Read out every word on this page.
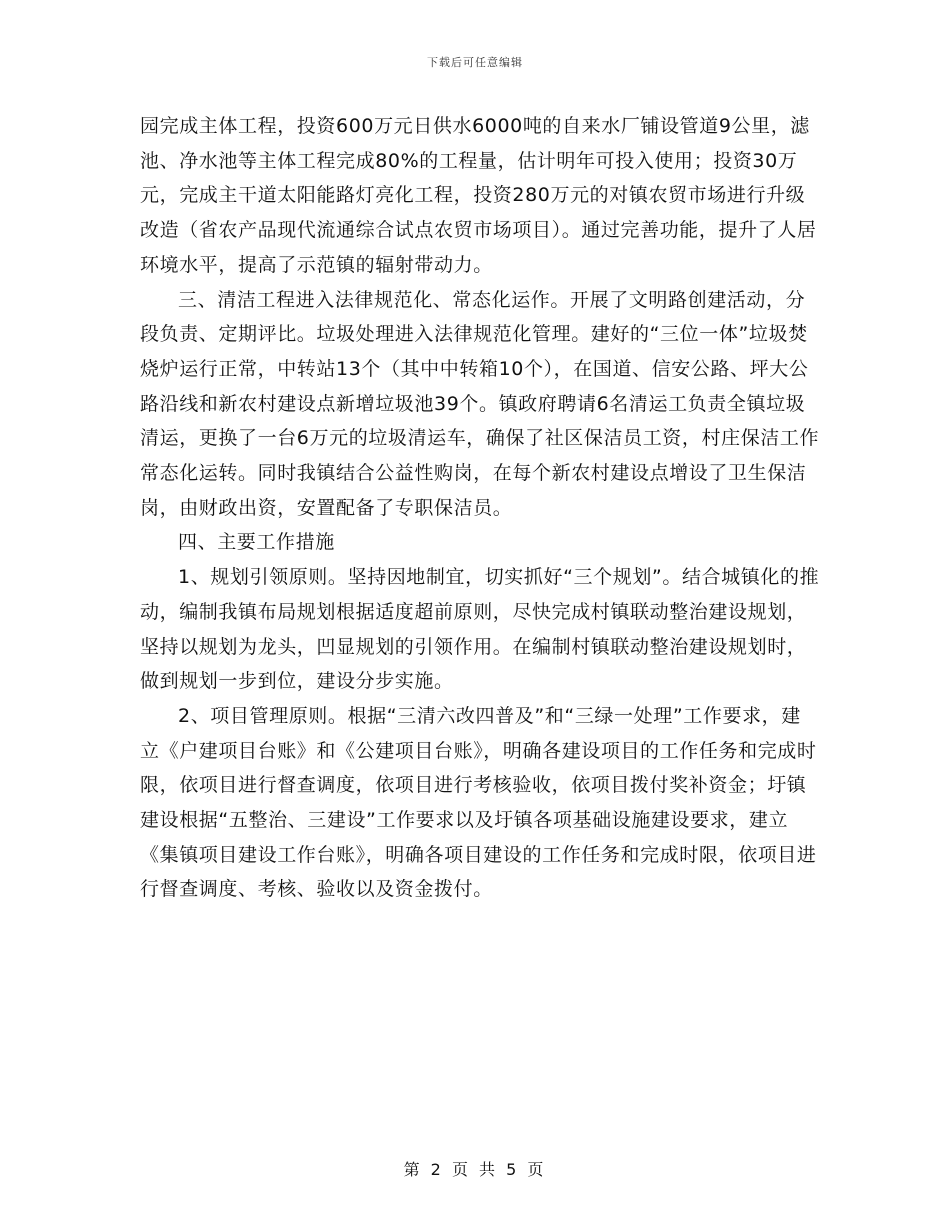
下载后可任意编辑

园完成主体工程，投资600万元日供水6000吨的自来水厂铺设管道9公里，滤池、净水池等主体工程完成80%的工程量，估计明年可投入使用；投资30万元，完成主干道太阳能路灯亮化工程，投资280万元的对镇农贸市场进行升级改造（省农产品现代流通综合试点农贸市场项目）。通过完善功能，提升了人居环境水平，提高了示范镇的辐射带动力。

三、清洁工程进入法律规范化、常态化运作。开展了文明路创建活动，分段负责、定期评比。垃圾处理进入法律规范化管理。建好的“三位一体”垃圾焚烧炉运行正常，中转站13个（其中中转箱10个），在国道、信安公路、坪大公路沿线和新农村建设点新增垃圾池39个。镇政府聘请6名清运工负责全镇垃圾清运，更换了一台6万元的垃圾清运车，确保了社区保洁员工资，村庄保洁工作常态化运转。同时我镇结合公益性购岗，在每个新农村建设点增设了卫生保洁岗，由财政出资，安置配备了专职保洁员。

四、主要工作措施

1、规划引领原则。坚持因地制宜，切实抓好“三个规划”。结合城镇化的推动，编制我镇布局规划根据适度超前原则，尽快完成村镇联动整治建设规划，坚持以规划为龙头，凹显规划的引领作用。在编制村镇联动整治建设规划时，做到规划一步到位，建设分步实施。

2、项目管理原则。根据“三清六改四普及”和“三绿一处理”工作要求，建立《户建项目台账》和《公建项目台账》，明确各建设项目的工作任务和完成时限，依项目进行督查调度，依项目进行考核验收，依项目拨付奖补资金；圩镇建设根据“五整治、三建设”工作要求以及圩镇各项基础设施建设要求，建立《集镇项目建设工作台账》，明确各项目建设的工作任务和完成时限，依项目进行督查调度、考核、验收以及资金拨付。

第 2 页 共 5 页
